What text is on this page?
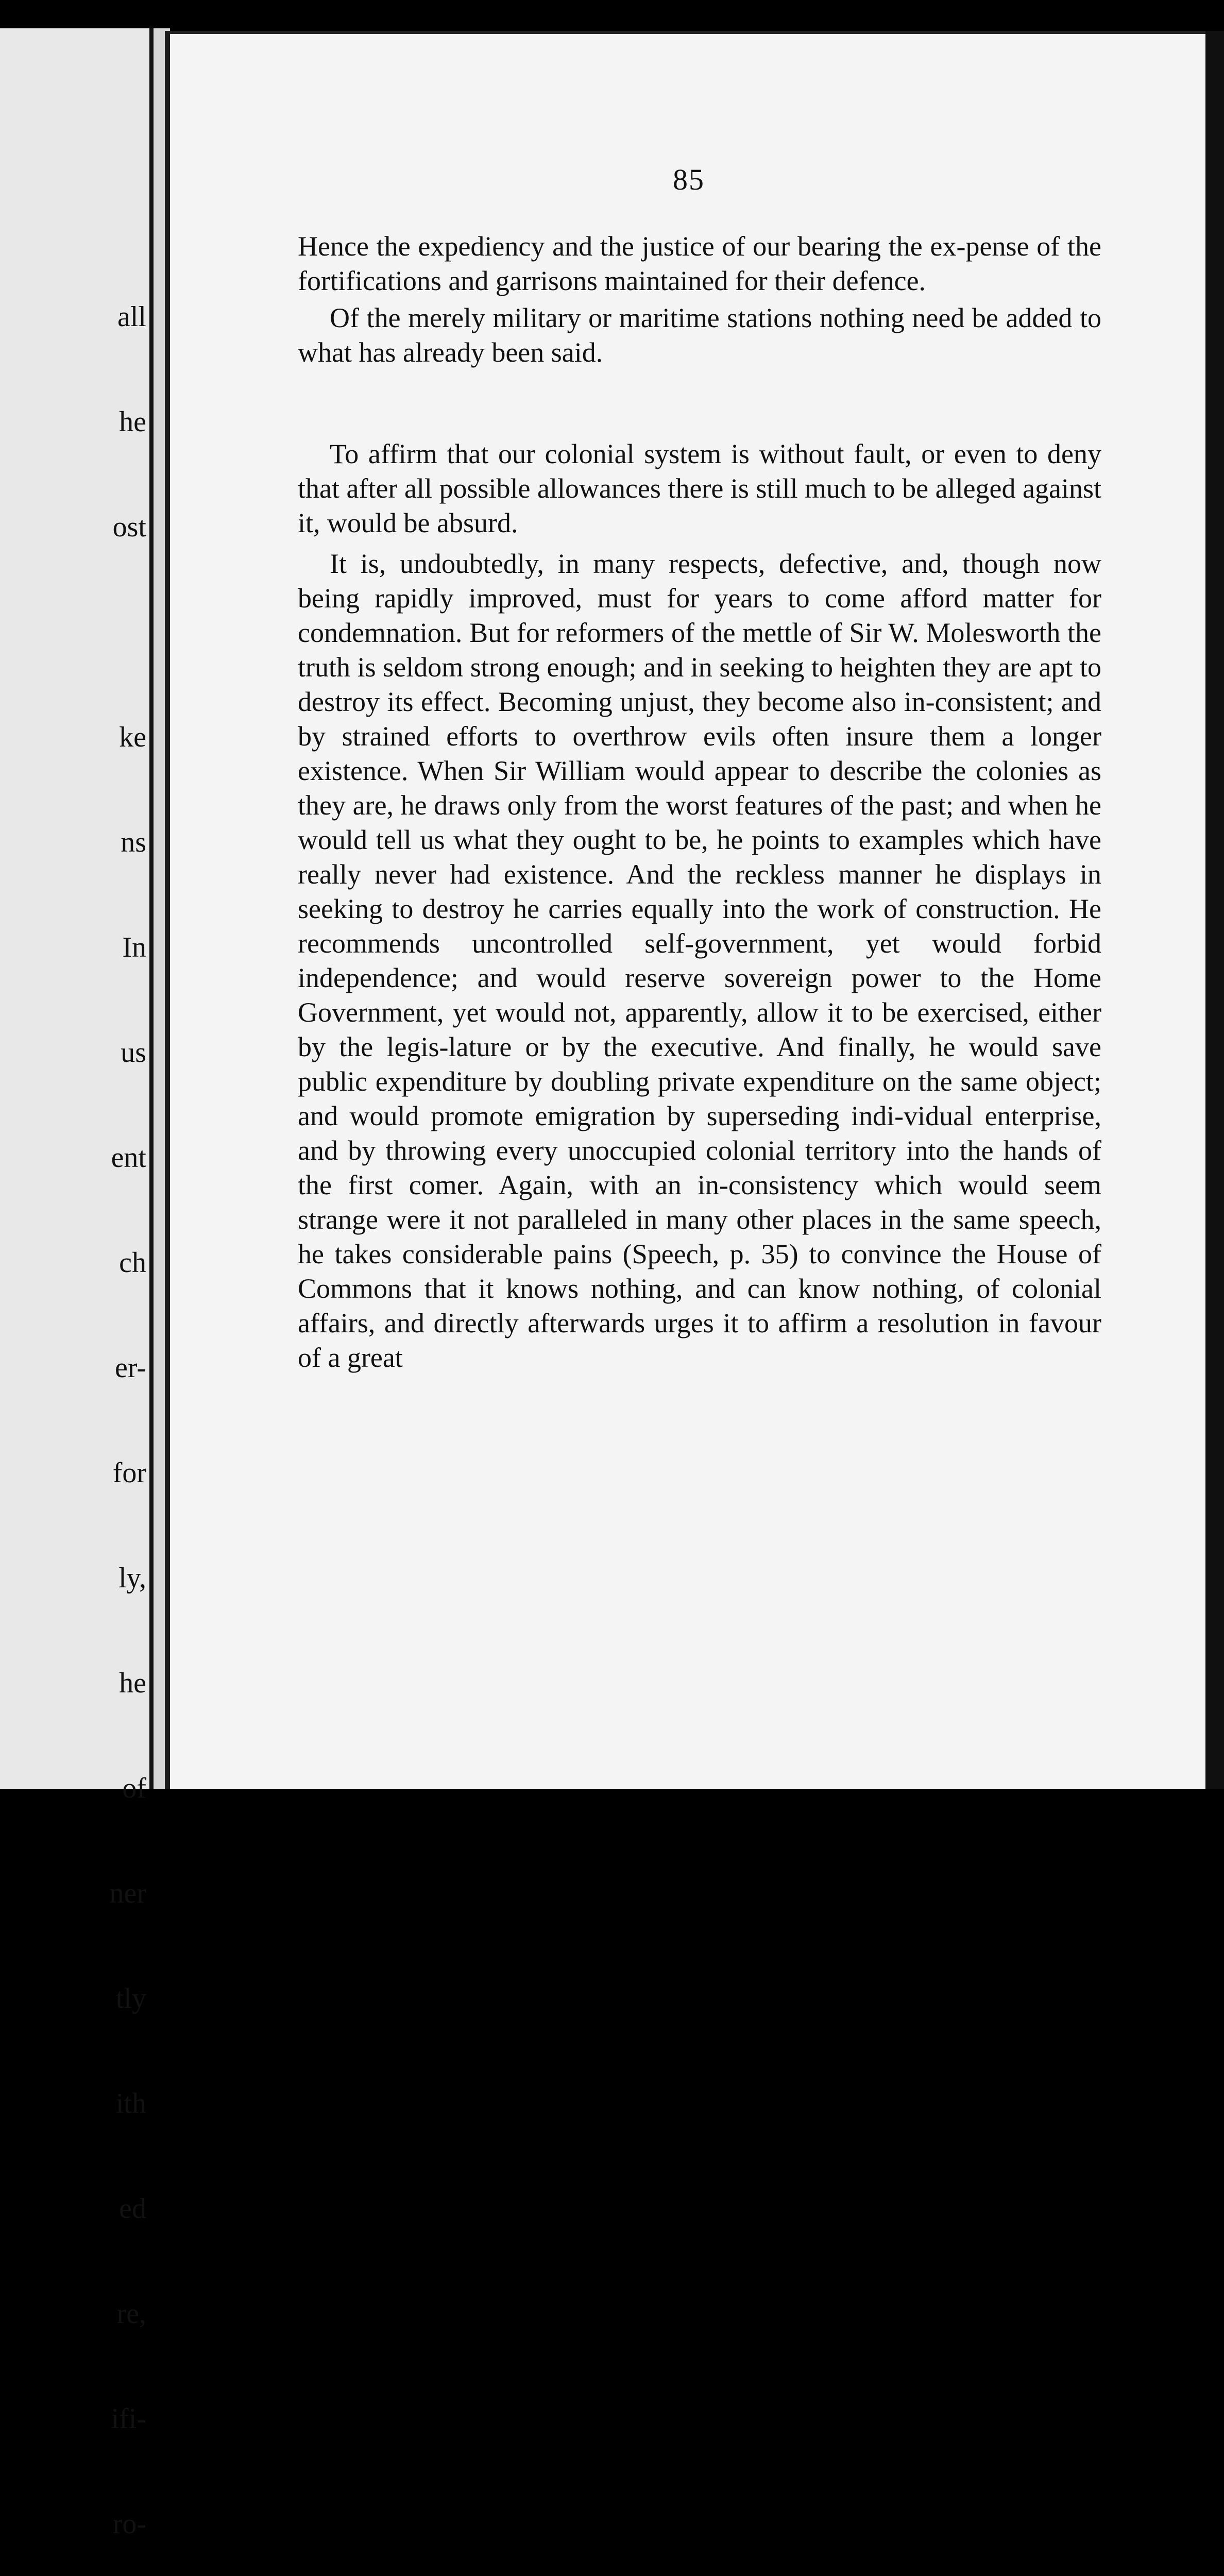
all

he

ost

ke

ns

In

us

ent

ch

er-

for

ly,

he

of

ner

tly

ith

ed

re,

ifi-

ro-

85

Hence the expediency and the justice of our bearing the ex-pense of the fortifications and garrisons maintained for their defence.

Of the merely military or maritime stations nothing need be added to what has already been said.

To affirm that our colonial system is without fault, or even to deny that after all possible allowances there is still much to be alleged against it, would be absurd.

It is, undoubtedly, in many respects, defective, and, though now being rapidly improved, must for years to come afford matter for condemnation. But for reformers of the mettle of Sir W. Molesworth the truth is seldom strong enough; and in seeking to heighten they are apt to destroy its effect. Becoming unjust, they become also in-consistent; and by strained efforts to overthrow evils often insure them a longer existence. When Sir William would appear to describe the colonies as they are, he draws only from the worst features of the past; and when he would tell us what they ought to be, he points to examples which have really never had existence. And the reckless manner he displays in seeking to destroy he carries equally into the work of construction. He recommends uncontrolled self-government, yet would forbid independence; and would reserve sovereign power to the Home Government, yet would not, apparently, allow it to be exercised, either by the legis-lature or by the executive. And finally, he would save public expenditure by doubling private expenditure on the same object; and would promote emigration by superseding indi-vidual enterprise, and by throwing every unoccupied colonial territory into the hands of the first comer. Again, with an in-consistency which would seem strange were it not paralleled in many other places in the same speech, he takes considerable pains (Speech, p. 35) to convince the House of Commons that it knows nothing, and can know nothing, of colonial affairs, and directly afterwards urges it to affirm a resolution in favour of a great
